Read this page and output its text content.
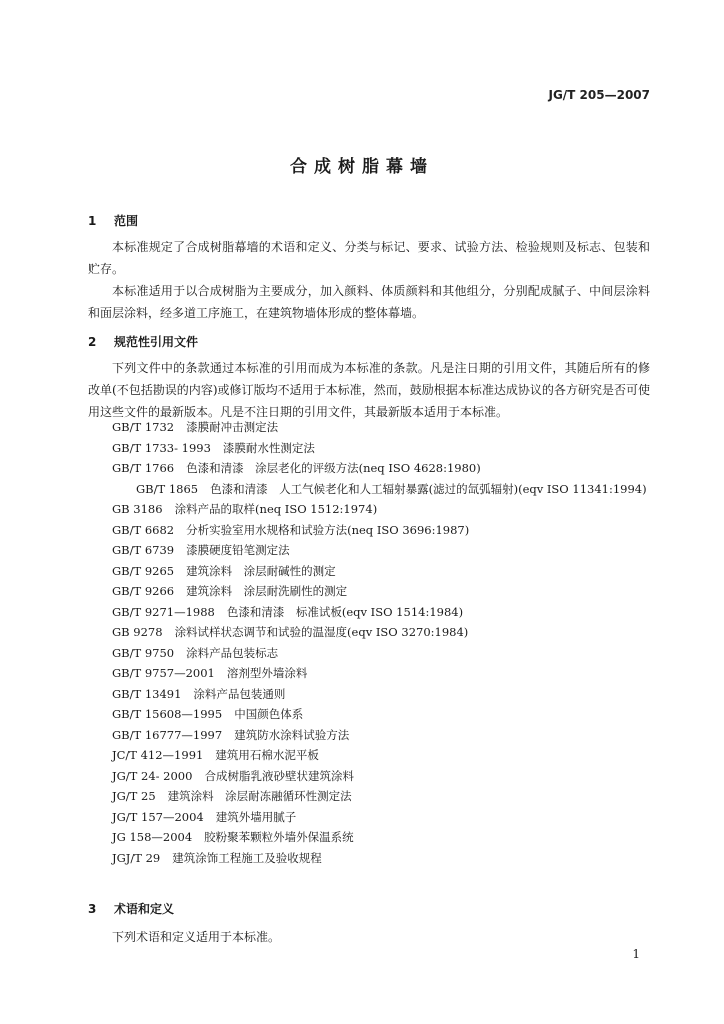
JG/T 205—2007
合成树脂幕墙
1 范围
本标准规定了合成树脂幕墙的术语和定义、分类与标记、要求、试验方法、检验规则及标志、包装和贮存。
本标准适用于以合成树脂为主要成分，加入颜料、体质颜料和其他组分，分别配成腻子、中间层涂料和面层涂料，经多道工序施工，在建筑物墙体形成的整体幕墙。
2 规范性引用文件
下列文件中的条款通过本标准的引用而成为本标准的条款。凡是注日期的引用文件，其随后所有的修改单(不包括勘误的内容)或修订版均不适用于本标准，然而，鼓励根据本标准达成协议的各方研究是否可使用这些文件的最新版本。凡是不注日期的引用文件，其最新版本适用于本标准。
GB/T 1732 漆膜耐冲击测定法
GB/T 1733- 1993 漆膜耐水性测定法
GB/T 1766 色漆和清漆　涂层老化的评级方法(neq ISO 4628:1980)
GB/T 1865 色漆和清漆　人工气候老化和人工辐射暴露(滤过的氙弧辐射)(eqv ISO 11341:1994)
GB 3186 涂料产品的取样(neq ISO 1512:1974)
GB/T 6682 分析实验室用水规格和试验方法(neq ISO 3696:1987)
GB/T 6739 漆膜硬度铅笔测定法
GB/T 9265 建筑涂料　涂层耐碱性的测定
GB/T 9266 建筑涂料　涂层耐洗刷性的测定
GB/T 9271—1988 色漆和清漆　标准试板(eqv ISO 1514:1984)
GB 9278 涂料试样状态调节和试验的温湿度(eqv ISO 3270:1984)
GB/T 9750 涂料产品包装标志
GB/T 9757—2001 溶剂型外墙涂料
GB/T 13491 涂料产品包装通则
GB/T 15608—1995 中国颜色体系
GB/T 16777—1997 建筑防水涂料试验方法
JC/T 412—1991 建筑用石棉水泥平板
JG/T 24- 2000 合成树脂乳液砂壁状建筑涂料
JG/T 25 建筑涂料　涂层耐冻融循环性测定法
JG/T 157—2004 建筑外墙用腻子
JG 158—2004 胶粉聚苯颗粒外墙外保温系统
JGJ/T 29 建筑涂饰工程施工及验收规程
3 术语和定义
下列术语和定义适用于本标准。
1
